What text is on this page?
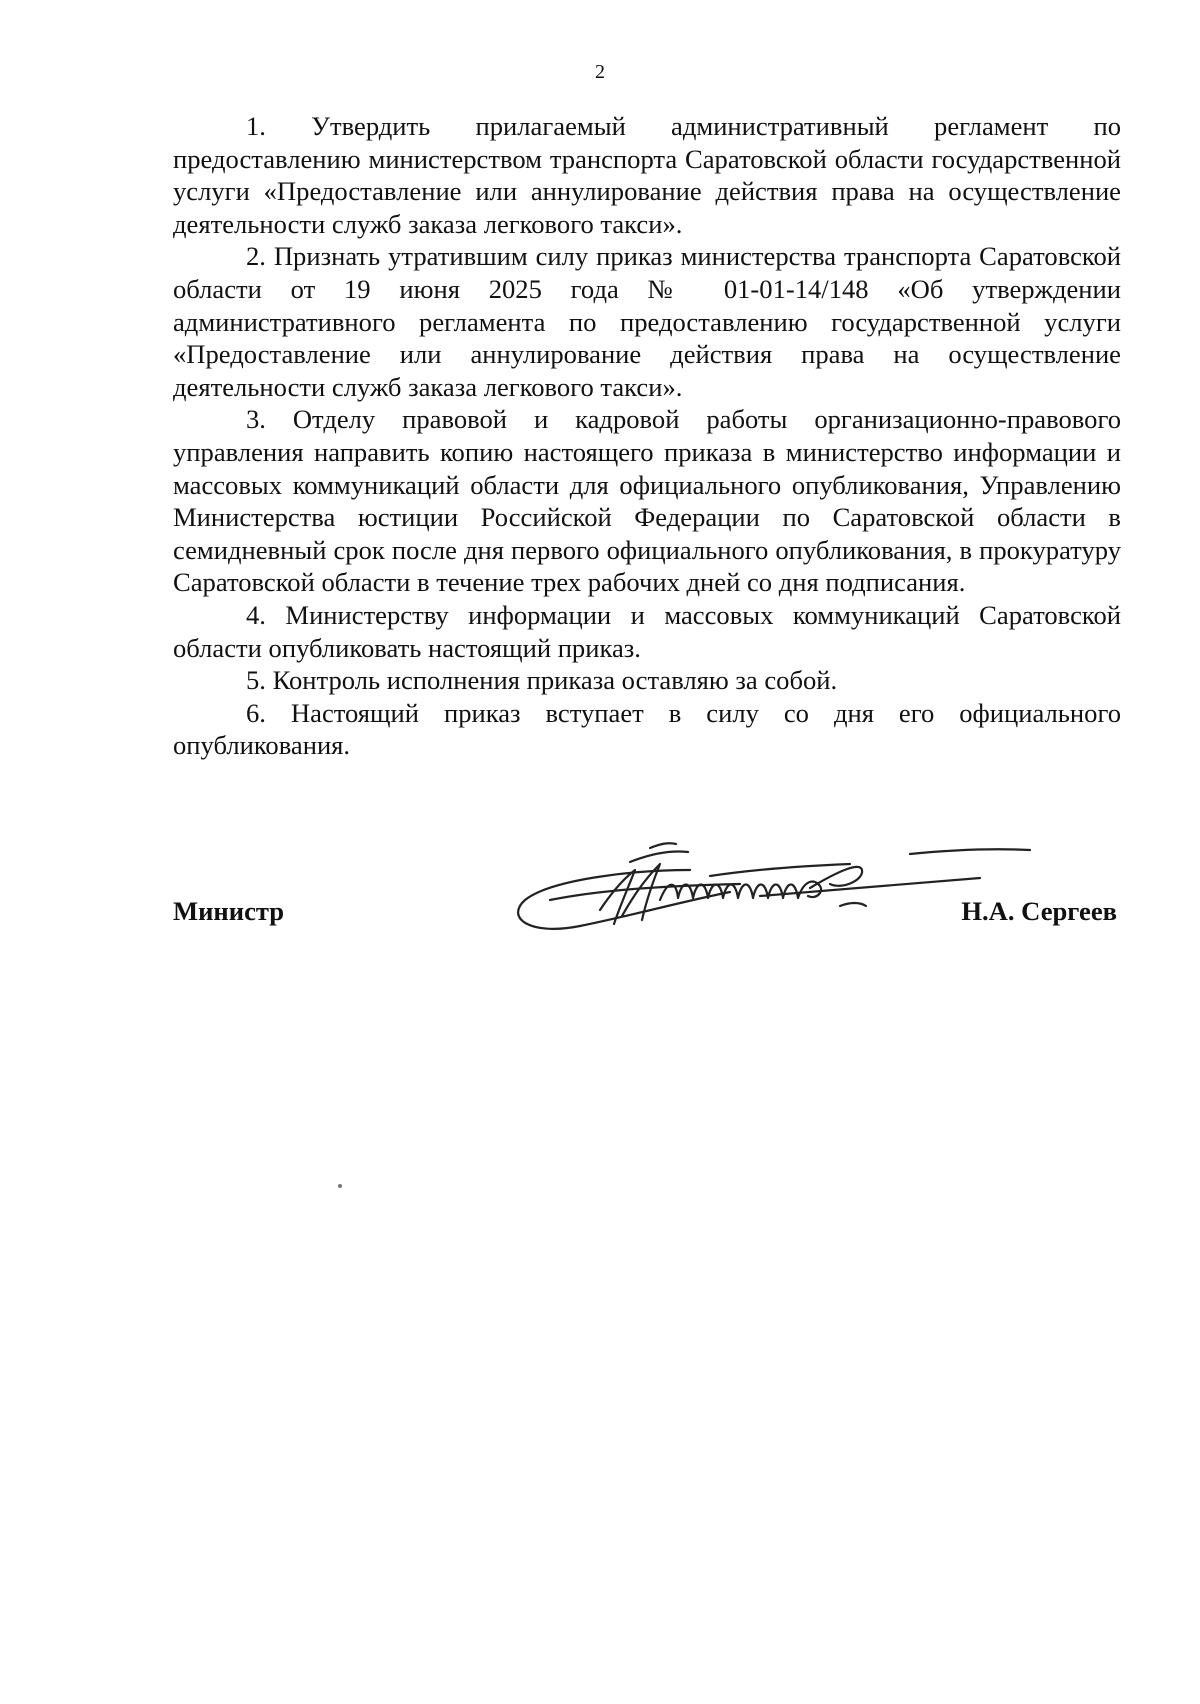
2

1. Утвердить прилагаемый административный регламент по предоставлению министерством транспорта Саратовской области государственной услуги «Предоставление или аннулирование действия права на осуществление деятельности служб заказа легкового такси».

2. Признать утратившим силу приказ министерства транспорта Саратовской области от 19 июня 2025 года № 01-01-14/148 «Об утверждении административного регламента по предоставлению государственной услуги «Предоставление или аннулирование действия права на осуществление деятельности служб заказа легкового такси».

3. Отделу правовой и кадровой работы организационно-правового управления направить копию настоящего приказа в министерство информации и массовых коммуникаций области для официального опубликования, Управлению Министерства юстиции Российской Федерации по Саратовской области в семидневный срок после дня первого официального опубликования, в прокуратуру Саратовской области в течение трех рабочих дней со дня подписания.

4. Министерству информации и массовых коммуникаций Саратовской области опубликовать настоящий приказ.

5. Контроль исполнения приказа оставляю за собой.

6. Настоящий приказ вступает в силу со дня его официального опубликования.

Министр	Н.А. Сергеев
